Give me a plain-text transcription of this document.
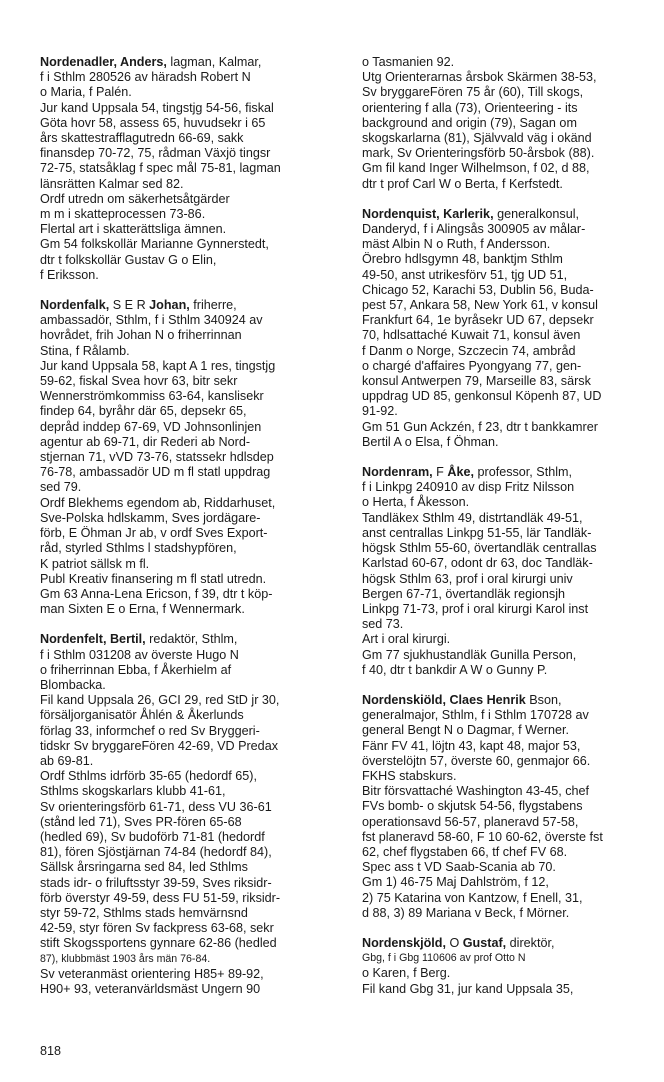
Nordenadler, Anders, lagman, Kalmar,
f i Sthlm 280526 av häradsh Robert N
o Maria, f Palén.
Jur kand Uppsala 54, tingstjg 54-56, fiskal
Göta hovr 58, assess 65, huvudsekr i 65
års skattestrafflagutredn 66-69, sakk
finansdep 70-72, 75, rådman Växjö tingsr
72-75, statsåklag f spec mål 75-81, lagman
länsrätten Kalmar sed 82.
Ordf utredn om säkerhetsåtgärder
m m i skatteprocessen 73-86.
Flertal art i skatterättsliga ämnen.
Gm 54 folkskollär Marianne Gynnerstedt,
dtr t folkskollär Gustav G o Elin,
f Eriksson.
Nordenfalk, S E R Johan, friherre,
ambassadör, Sthlm, f i Sthlm 340924 av
hovrådet, frih Johan N o friherrinnan
Stina, f Rålamb.
Jur kand Uppsala 58, kapt A 1 res, tingstjg
59-62, fiskal Svea hovr 63, bitr sekr
Wennerströmkommiss 63-64, kanslisekr
findep 64, byråhr där 65, depsekr 65,
depråd inddep 67-69, VD Johnsonlinjen
agentur ab 69-71, dir Rederi ab Nord-
stjernan 71, vVD 73-76, statssekr hdlsdep
76-78, ambassadör UD m fl statl uppdrag
sed 79.
Ordf Blekhems egendom ab, Riddarhuset,
Sve-Polska hdlskamm, Sves jordägare-
förb, E Öhman Jr ab, v ordf Sves Export-
råd, styrled Sthlms l stadshypfören,
K patriot sällsk m fl.
Publ Kreativ finansering m fl statl utredn.
Gm 63 Anna-Lena Ericson, f 39, dtr t köp-
man Sixten E o Erna, f Wennermark.
Nordenfelt, Bertil, redaktör, Sthlm,
f i Sthlm 031208 av överste Hugo N
o friherrinnan Ebba, f Åkerhielm af
Blombacka.
Fil kand Uppsala 26, GCI 29, red StD jr 30,
försäljorganisatör Åhlén & Åkerlunds
förlag 33, informchef o red Sv Bryggeri-
tidskr Sv bryggareFören 42-69, VD Predax
ab 69-81.
Ordf Sthlms idrförb 35-65 (hedordf 65),
Sthlms skogskarlars klubb 41-61,
Sv orienteringsförb 61-71, dess VU 36-61
(stånd led 71), Sves PR-fören 65-68
(hedled 69), Sv budoförb 71-81 (hedordf
81), fören Sjöstjärnan 74-84 (hedordf 84),
Sällsk årsringarna sed 84, led Sthlms
stads idr- o friluftsstyr 39-59, Sves riksidr-
förb överstyr 49-59, dess FU 51-59, riksidr-
styr 59-72, Sthlms stads hemvärnsnd
42-59, styr fören Sv fackpress 63-68, sekr
stift Skogssportens gynnare 62-86 (hedled
87), klubbmäst 1903 års män 76-84.
Sv veteranmäst orientering H85+ 89-92,
H90+ 93, veteranvärldsmäst Ungern 90
o Tasmanien 92.
Utg Orienterarnas årsbok Skärmen 38-53,
Sv bryggareFören 75 år (60), Till skogs,
orientering f alla (73), Orienteering - its
background and origin (79), Sagan om
skogskarlarna (81), Självvald väg i okänd
mark, Sv Orienteringsförb 50-årsbok (88).
Gm fil kand Inger Wilhelmson, f 02, d 88,
dtr t prof Carl W o Berta, f Kerfstedt.
Nordenquist, Karlerik, generalkonsul,
Danderyd, f i Alingsås 300905 av målar-
mäst Albin N o Ruth, f Andersson.
Örebro hdlsgymn 48, banktjm Sthlm
49-50, anst utrikesförv 51, tjg UD 51,
Chicago 52, Karachi 53, Dublin 56, Buda-
pest 57, Ankara 58, New York 61, v konsul
Frankfurt 64, 1e byråsekr UD 67, depsekr
70, hdlsattaché Kuwait 71, konsul även
f Danm o Norge, Szczecin 74, ambråd
o chargé d'affaires Pyongyang 77, gen-
konsul Antwerpen 79, Marseille 83, särsk
uppdrag UD 85, genkonsul Köpenh 87, UD
91-92.
Gm 51 Gun Ackzén, f 23, dtr t bankkamrer
Bertil A o Elsa, f Öhman.
Nordenram, F Åke, professor, Sthlm,
f i Linkpg 240910 av disp Fritz Nilsson
o Herta, f Åkesson.
Tandläkex Sthlm 49, distrtandläk 49-51,
anst centrallas Linkpg 51-55, lär Tandläk-
högsk Sthlm 55-60, övertandläk centrallas
Karlstad 60-67, odont dr 63, doc Tandläk-
högsk Sthlm 63, prof i oral kirurgi univ
Bergen 67-71, övertandläk regionsjh
Linkpg 71-73, prof i oral kirurgi Karol inst
sed 73.
Art i oral kirurgi.
Gm 77 sjukhustandläk Gunilla Person,
f 40, dtr t bankdir A W o Gunny P.
Nordenskiöld, Claes Henrik Bson,
generalmajor, Sthlm, f i Sthlm 170728 av
general Bengt N o Dagmar, f Werner.
Fänr FV 41, löjtn 43, kapt 48, major 53,
överstelöjtn 57, överste 60, genmajor 66.
FKHS stabskurs.
Bitr försvattaché Washington 43-45, chef
FVs bomb- o skjutsk 54-56, flygstabens
operationsavd 56-57, planeravd 57-58,
fst planeravd 58-60, F 10 60-62, överste fst
62, chef flygstaben 66, tf chef FV 68.
Spec ass t VD Saab-Scania ab 70.
Gm 1) 46-75 Maj Dahlström, f 12,
2) 75 Katarina von Kantzow, f Enell, 31,
d 88, 3) 89 Mariana v Beck, f Mörner.
Nordenskjöld, O Gustaf, direktör,
Gbg, f i Gbg 110606 av prof Otto N
o Karen, f Berg.
Fil kand Gbg 31, jur kand Uppsala 35,
818
